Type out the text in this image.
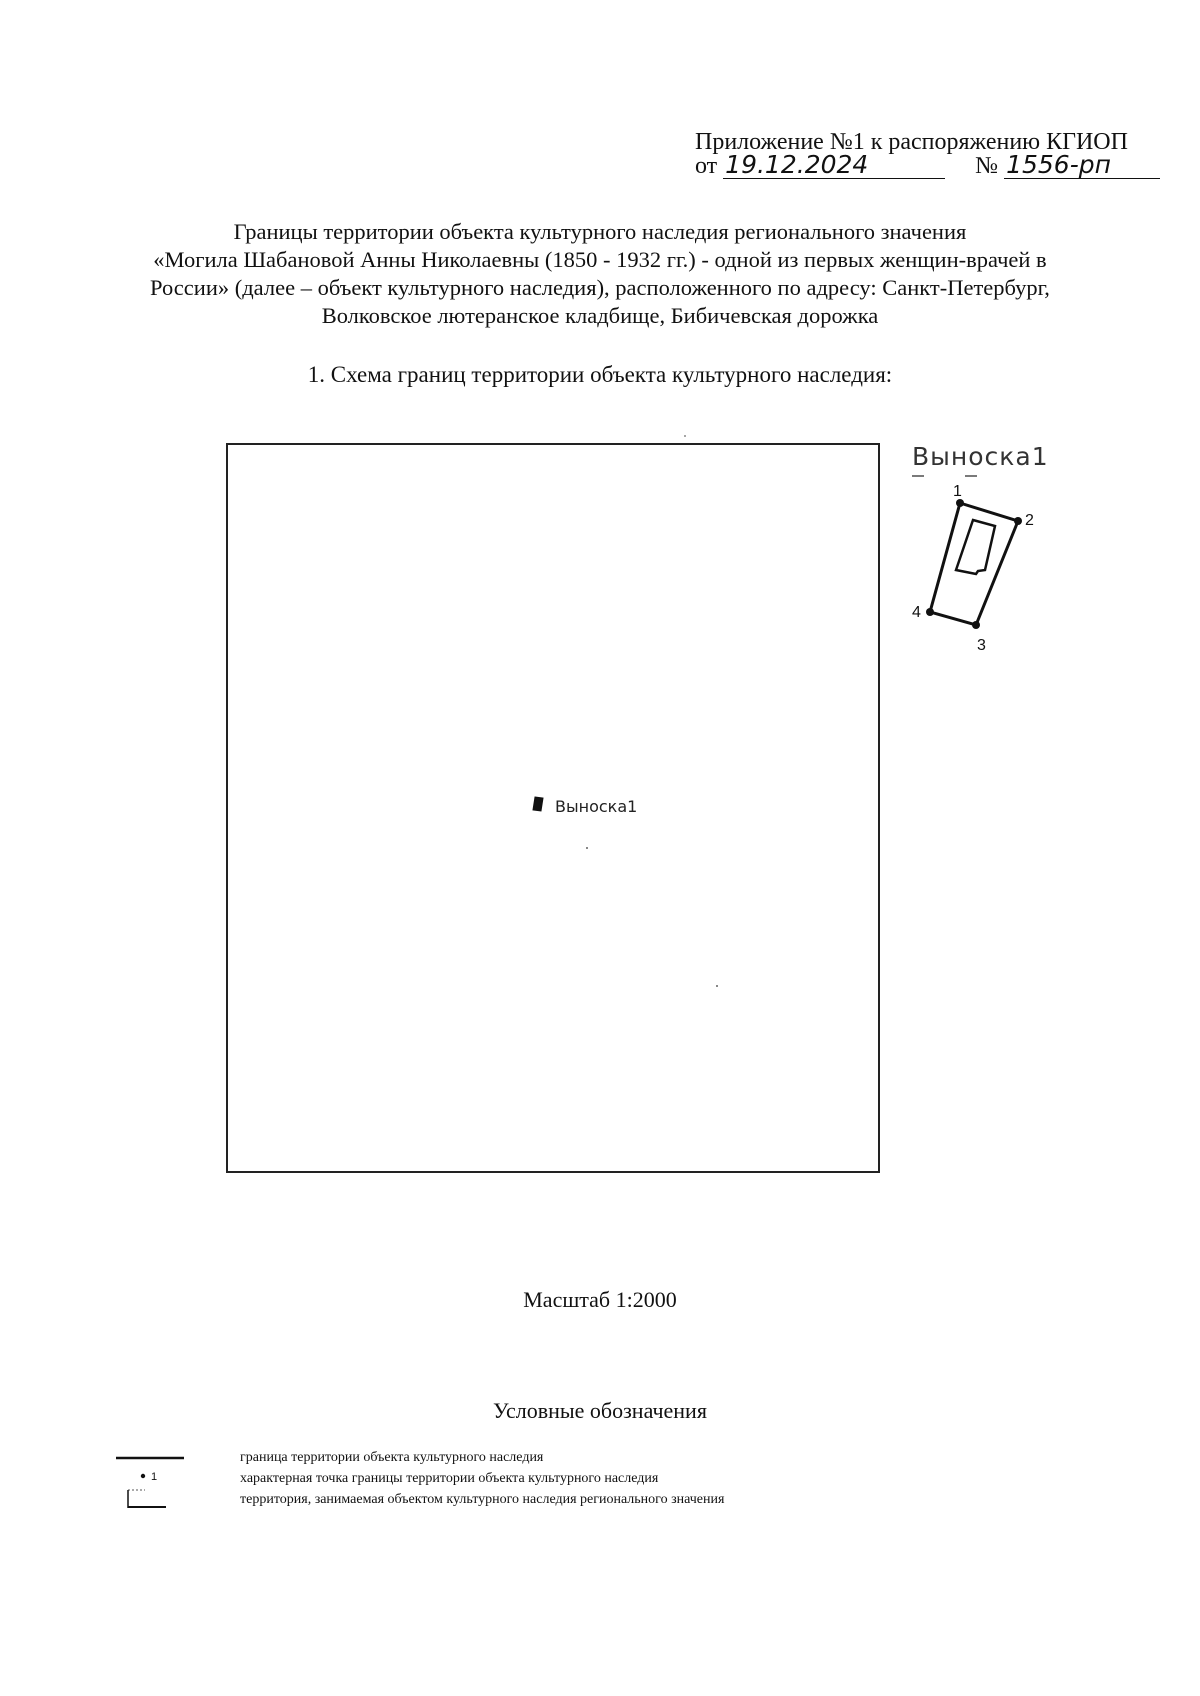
Приложение №1 к распоряжению КГИОП
от 19.12.2024	№ 1556-рп
Границы территории объекта культурного наследия регионального значения
«Могила Шабановой Анны Николаевны (1850 - 1932 гг.) - одной из первых женщин-врачей в
России» (далее – объект культурного наследия), расположенного по адресу: Санкт-Петербург,
Волковское лютеранское кладбище, Бибичевская дорожка
1. Схема границ территории объекта культурного наследия:
Выноска1
Выноска1
1
2
3
4
1
Масштаб 1:2000
Условные обозначения
граница территории объекта культурного наследия
характерная точка границы территории объекта культурного наследия
территория, занимаемая объектом культурного наследия регионального значения
